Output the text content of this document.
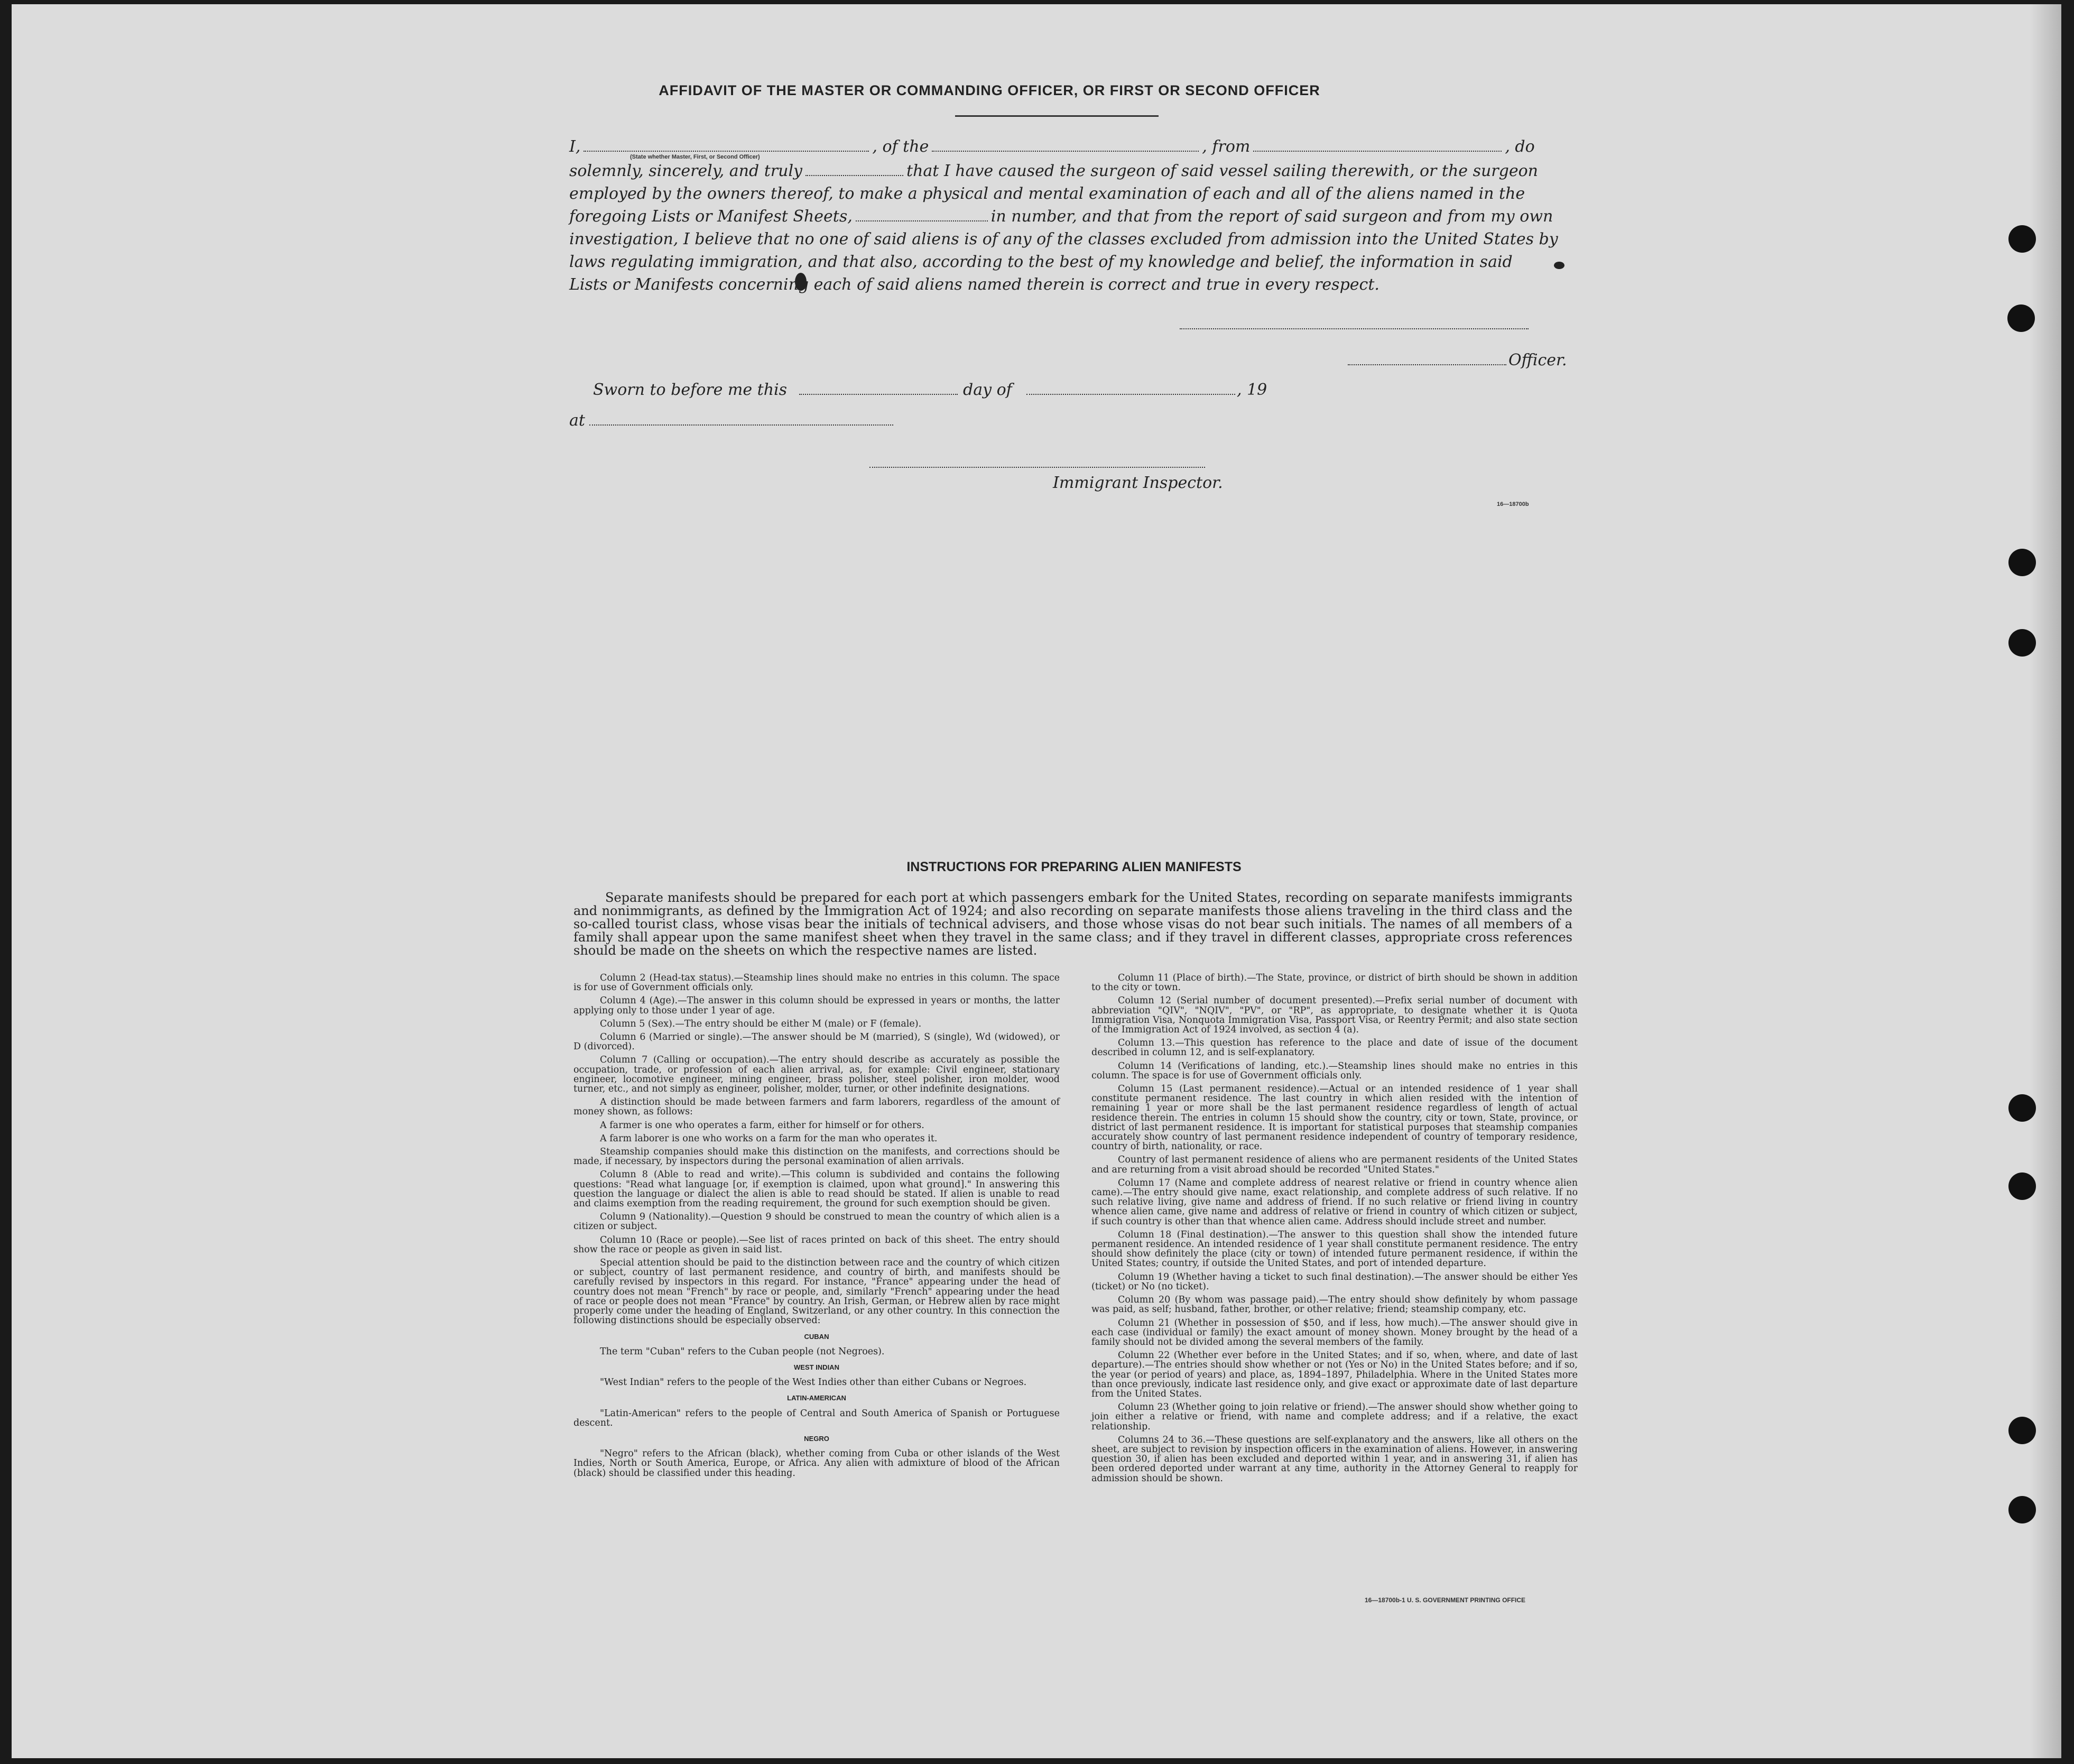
AFFIDAVIT OF THE MASTER OR COMMANDING OFFICER, OR FIRST OR SECOND OFFICER
I,	, of the	, from	, do
(State whether Master, First, or Second Officer)
solemnly, sincerely, and truly	that I have caused the surgeon of said vessel sailing therewith, or the surgeon
employed by the owners thereof, to make a physical and mental examination of each and all of the aliens named in the
foregoing Lists or Manifest Sheets,	in number, and that from the report of said surgeon and from my own
investigation, I believe that no one of said aliens is of any of the classes excluded from admission into the United States by
laws regulating immigration, and that also, according to the best of my knowledge and belief, the information in said
Lists or Manifests concerning each of said aliens named therein is correct and true in every respect.
Officer.
Sworn to before me this	day of	, 19
at
Immigrant Inspector.
16—18700b
INSTRUCTIONS FOR PREPARING ALIEN MANIFESTS

Separate manifests should be prepared for each port at which passengers embark for the United States, recording on separate manifests immigrants and nonimmigrants, as defined by the Immigration Act of 1924; and also recording on separate manifests those aliens traveling in the third class and the so-called tourist class, whose visas bear the initials of technical advisers, and those whose visas do not bear such initials. The names of all members of a family shall appear upon the same manifest sheet when they travel in the same class; and if they travel in different classes, appropriate cross references should be made on the sheets on which the respective names are listed.

Column 2 (Head-tax status).—Steamship lines should make no entries in this column. The space is for use of Government officials only.

Column 4 (Age).—The answer in this column should be expressed in years or months, the latter applying only to those under 1 year of age.

Column 5 (Sex).—The entry should be either M (male) or F (female).

Column 6 (Married or single).—The answer should be M (married), S (single), Wd (widowed), or D (divorced).

Column 7 (Calling or occupation).—The entry should describe as accurately as possible the occupation, trade, or profession of each alien arrival, as, for example: Civil engineer, stationary engineer, locomotive engineer, mining engineer, brass polisher, steel polisher, iron molder, wood turner, etc., and not simply as engineer, polisher, molder, turner, or other indefinite designations.

A distinction should be made between farmers and farm laborers, regardless of the amount of money shown, as follows:

A farmer is one who operates a farm, either for himself or for others.

A farm laborer is one who works on a farm for the man who operates it.

Steamship companies should make this distinction on the manifests, and corrections should be made, if necessary, by inspectors during the personal examination of alien arrivals.

Column 8 (Able to read and write).—This column is subdivided and contains the following questions: "Read what language [or, if exemption is claimed, upon what ground]." In answering this question the language or dialect the alien is able to read should be stated. If alien is unable to read and claims exemption from the reading requirement, the ground for such exemption should be given.

Column 9 (Nationality).—Question 9 should be construed to mean the country of which alien is a citizen or subject.

Column 10 (Race or people).—See list of races printed on back of this sheet. The entry should show the race or people as given in said list.

Special attention should be paid to the distinction between race and the country of which citizen or subject, country of last permanent residence, and country of birth, and manifests should be carefully revised by inspectors in this regard. For instance, "France" appearing under the head of country does not mean "French" by race or people, and, similarly "French" appearing under the head of race or people does not mean "France" by country. An Irish, German, or Hebrew alien by race might properly come under the heading of England, Switzerland, or any other country. In this connection the following distinctions should be especially observed:

CUBAN

The term "Cuban" refers to the Cuban people (not Negroes).

WEST INDIAN

"West Indian" refers to the people of the West Indies other than either Cubans or Negroes.

LATIN-AMERICAN

"Latin-American" refers to the people of Central and South America of Spanish or Portuguese descent.

NEGRO

"Negro" refers to the African (black), whether coming from Cuba or other islands of the West Indies, North or South America, Europe, or Africa. Any alien with admixture of blood of the African (black) should be classified under this heading.

Column 11 (Place of birth).—The State, province, or district of birth should be shown in addition to the city or town.

Column 12 (Serial number of document presented).—Prefix serial number of document with abbreviation "QIV", "NQIV", "PV", or "RP", as appropriate, to designate whether it is Quota Immigration Visa, Nonquota Immigration Visa, Passport Visa, or Reentry Permit; and also state section of the Immigration Act of 1924 involved, as section 4 (a).

Column 13.—This question has reference to the place and date of issue of the document described in column 12, and is self-explanatory.

Column 14 (Verifications of landing, etc.).—Steamship lines should make no entries in this column. The space is for use of Government officials only.

Column 15 (Last permanent residence).—Actual or an intended residence of 1 year shall constitute permanent residence. The last country in which alien resided with the intention of remaining 1 year or more shall be the last permanent residence regardless of length of actual residence therein. The entries in column 15 should show the country, city or town, State, province, or district of last permanent residence. It is important for statistical purposes that steamship companies accurately show country of last permanent residence independent of country of temporary residence, country of birth, nationality, or race.

Country of last permanent residence of aliens who are permanent residents of the United States and are returning from a visit abroad should be recorded "United States."

Column 17 (Name and complete address of nearest relative or friend in country whence alien came).—The entry should give name, exact relationship, and complete address of such relative. If no such relative living, give name and address of friend. If no such relative or friend living in country whence alien came, give name and address of relative or friend in country of which citizen or subject, if such country is other than that whence alien came. Address should include street and number.

Column 18 (Final destination).—The answer to this question shall show the intended future permanent residence. An intended residence of 1 year shall constitute permanent residence. The entry should show definitely the place (city or town) of intended future permanent residence, if within the United States; country, if outside the United States, and port of intended departure.

Column 19 (Whether having a ticket to such final destination).—The answer should be either Yes (ticket) or No (no ticket).

Column 20 (By whom was passage paid).—The entry should show definitely by whom passage was paid, as self; husband, father, brother, or other relative; friend; steamship company, etc.

Column 21 (Whether in possession of $50, and if less, how much).—The answer should give in each case (individual or family) the exact amount of money shown. Money brought by the head of a family should not be divided among the several members of the family.

Column 22 (Whether ever before in the United States; and if so, when, where, and date of last departure).—The entries should show whether or not (Yes or No) in the United States before; and if so, the year (or period of years) and place, as, 1894–1897, Philadelphia. Where in the United States more than once previously, indicate last residence only, and give exact or approximate date of last departure from the United States.

Column 23 (Whether going to join relative or friend).—The answer should show whether going to join either a relative or friend, with name and complete address; and if a relative, the exact relationship.

Columns 24 to 36.—These questions are self-explanatory and the answers, like all others on the sheet, are subject to revision by inspection officers in the examination of aliens. However, in answering question 30, if alien has been excluded and deported within 1 year, and in answering 31, if alien has been ordered deported under warrant at any time, authority in the Attorney General to reapply for admission should be shown.

16—18700b-1 U. S. GOVERNMENT PRINTING OFFICE
